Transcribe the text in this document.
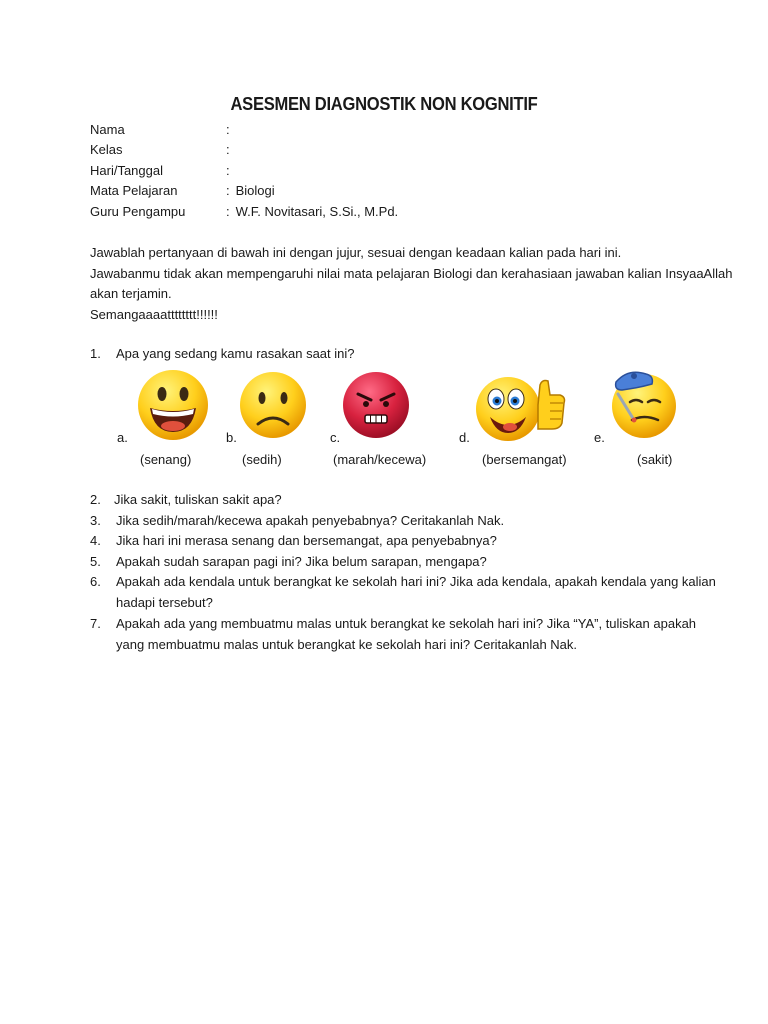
ASESMEN DIAGNOSTIK NON KOGNITIF
Nama	:
Kelas	:
Hari/Tanggal	:
Mata Pelajaran	: Biologi
Guru Pengampu	: W.F. Novitasari, S.Si., M.Pd.
Jawablah pertanyaan di bawah ini dengan jujur, sesuai dengan keadaan kalian pada hari ini.
Jawabanmu tidak akan mempengaruhi nilai mata pelajaran Biologi dan kerahasiaan jawaban kalian InsyaaAllah
akan terjamin.
Semangaaaatttttttt!!!!!!
1. Apa yang sedang kamu rasakan saat ini?
a.
(senang)
b.
(sedih)
c.
(marah/kecewa)
d.
(bersemangat)
e.
(sakit)
2. Jika sakit, tuliskan sakit apa?
3. Jika sedih/marah/kecewa apakah penyebabnya? Ceritakanlah Nak.
4. Jika hari ini merasa senang dan bersemangat, apa penyebabnya?
5. Apakah sudah sarapan pagi ini? Jika belum sarapan, mengapa?
6. Apakah ada kendala untuk berangkat ke sekolah hari ini? Jika ada kendala, apakah kendala yang kalian hadapi tersebut?
7. Apakah ada yang membuatmu malas untuk berangkat ke sekolah hari ini? Jika “YA”, tuliskan apakah yang membuatmu malas untuk berangkat ke sekolah hari ini? Ceritakanlah Nak.
